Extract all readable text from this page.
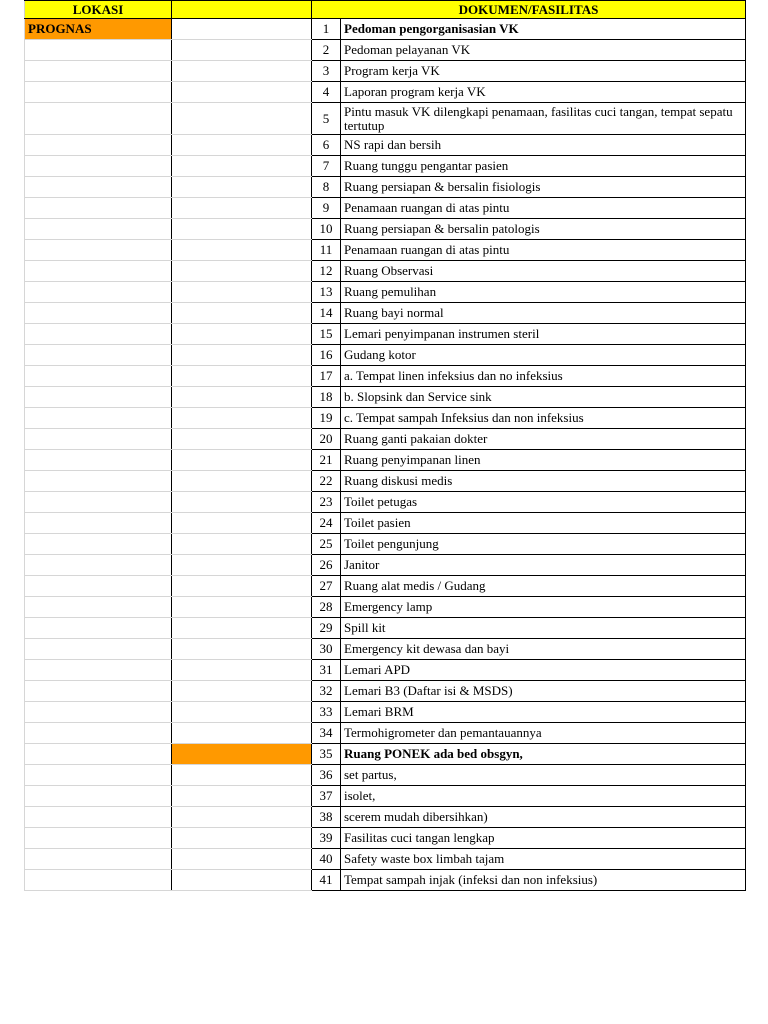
LOKASI		DOKUMEN/FASILITAS	
PROGNAS		1	Pedoman pengorganisasian VK
		2	Pedoman pelayanan VK
		3	Program kerja VK
		4	Laporan program kerja VK
		5	Pintu masuk VK dilengkapi penamaan, fasilitas cuci tangan, tempat sepatu tertutup
		6	NS rapi dan bersih
		7	Ruang tunggu pengantar pasien
		8	Ruang persiapan & bersalin fisiologis
		9	Penamaan ruangan di atas pintu
		10	Ruang persiapan & bersalin patologis
		11	Penamaan ruangan di atas pintu
		12	Ruang Observasi
		13	Ruang pemulihan
		14	Ruang bayi normal
		15	Lemari penyimpanan instrumen steril
		16	Gudang kotor
		17	a. Tempat linen infeksius dan no infeksius
		18	b. Slopsink dan Service sink
		19	c. Tempat sampah Infeksius dan non infeksius
		20	Ruang ganti pakaian dokter
		21	Ruang penyimpanan linen
		22	Ruang diskusi medis
		23	Toilet petugas
		24	Toilet pasien
		25	Toilet pengunjung
		26	Janitor
		27	Ruang alat medis / Gudang
		28	Emergency lamp
		29	Spill kit
		30	Emergency kit dewasa dan bayi
		31	Lemari APD
		32	Lemari B3 (Daftar isi & MSDS)
		33	Lemari BRM
		34	Termohigrometer dan pemantauannya
		35	Ruang PONEK ada bed obsgyn,
		36	set partus,
		37	isolet,
		38	scerem mudah dibersihkan)
		39	Fasilitas cuci tangan lengkap
		40	Safety waste box limbah tajam
		41	Tempat sampah injak (infeksi dan non infeksius)
